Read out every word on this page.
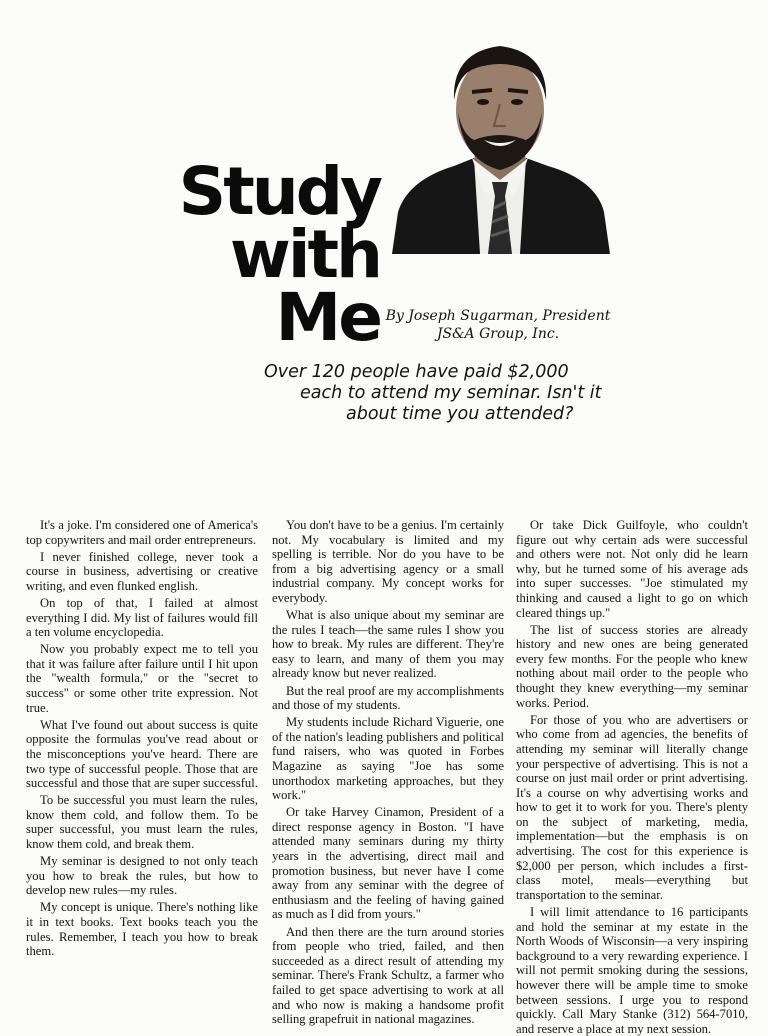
Study
with
Me By Joseph Sugarman, President
JS&A Group, Inc.
Over 120 people have paid $2,000
each to attend my seminar. Isn't it
about time you attended?

It's a joke. I'm considered one of America's top copywriters and mail order entrepreneurs.

I never finished college, never took a course in business, advertising or creative writing, and even flunked english.

On top of that, I failed at almost everything I did. My list of failures would fill a ten volume encyclopedia.

Now you probably expect me to tell you that it was failure after failure until I hit upon the "wealth formula," or the "secret to success" or some other trite expression. Not true.

What I've found out about success is quite opposite the formulas you've read about or the misconceptions you've heard. There are two type of successful people. Those that are successful and those that are super successful.

To be successful you must learn the rules, know them cold, and follow them. To be super successful, you must learn the rules, know them cold, and break them.

My seminar is designed to not only teach you how to break the rules, but how to develop new rules—my rules.

My concept is unique. There's nothing like it in text books. Text books teach you the rules. Remember, I teach you how to break them.

You don't have to be a genius. I'm certainly not. My vocabulary is limited and my spelling is terrible. Nor do you have to be from a big advertising agency or a small industrial company. My concept works for everybody.

What is also unique about my seminar are the rules I teach—the same rules I show you how to break. My rules are different. They're easy to learn, and many of them you may already know but never realized.

But the real proof are my accomplishments and those of my students.

My students include Richard Viguerie, one of the nation's leading publishers and political fund raisers, who was quoted in Forbes Magazine as saying "Joe has some unorthodox marketing approaches, but they work."

Or take Harvey Cinamon, President of a direct response agency in Boston. "I have attended many seminars during my thirty years in the advertising, direct mail and promotion business, but never have I come away from any seminar with the degree of enthusiasm and the feeling of having gained as much as I did from yours."

And then there are the turn around stories from people who tried, failed, and then succeeded as a direct result of attending my seminar. There's Frank Schultz, a farmer who failed to get space advertising to work at all and who now is making a handsome profit selling grapefruit in national magazines.

Or take Dick Guilfoyle, who couldn't figure out why certain ads were successful and others were not. Not only did he learn why, but he turned some of his average ads into super successes. "Joe stimulated my thinking and caused a light to go on which cleared things up."

The list of success stories are already history and new ones are being generated every few months. For the people who knew nothing about mail order to the people who thought they knew everything—my seminar works. Period.

For those of you who are advertisers or who come from ad agencies, the benefits of attending my seminar will literally change your perspective of advertising. This is not a course on just mail order or print advertising. It's a course on why advertising works and how to get it to work for you. There's plenty on the subject of marketing, media, implementation—but the emphasis is on advertising. The cost for this experience is $2,000 per person, which includes a first-class motel, meals—everything but transportation to the seminar.

I will limit attendance to 16 participants and hold the seminar at my estate in the North Woods of Wisconsin—a very inspiring background to a very rewarding experience. I will not permit smoking during the sessions, however there will be ample time to smoke between sessions. I urge you to respond quickly. Call Mary Stanke (312) 564-7010, and reserve a place at my next session.
